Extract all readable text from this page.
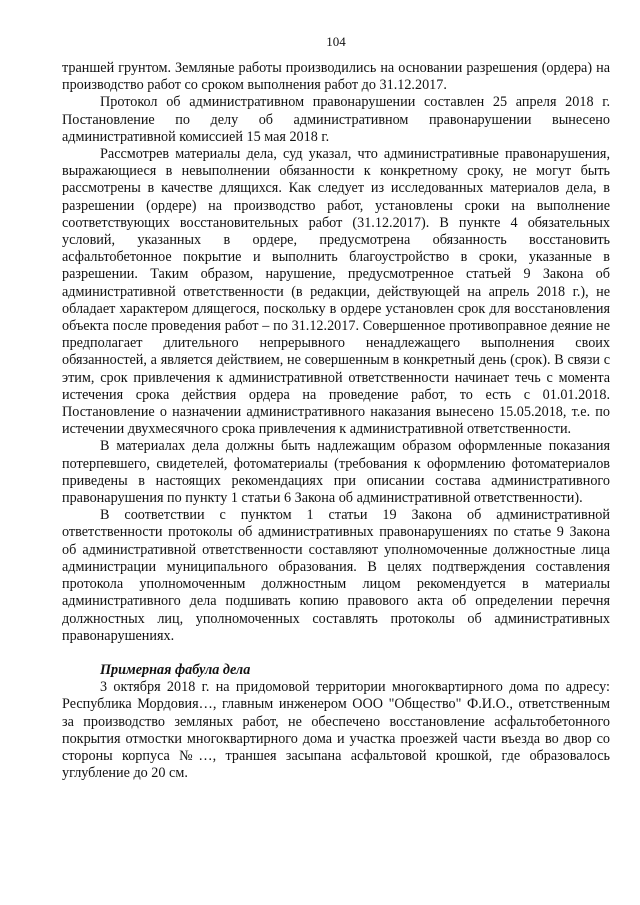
104

траншей грунтом. Земляные работы производились на основании разрешения (ордера) на производство работ со сроком выполнения работ до 31.12.2017.

Протокол об административном правонарушении составлен 25 апреля 2018 г. Постановление по делу об административном правонарушении вынесено административной комиссией 15 мая 2018 г.

Рассмотрев материалы дела, суд указал, что административные правонарушения, выражающиеся в невыполнении обязанности к конкретному сроку, не могут быть рассмотрены в качестве длящихся. Как следует из исследованных материалов дела, в разрешении (ордере) на производство работ, установлены сроки на выполнение соответствующих восстановительных работ (31.12.2017). В пункте 4 обязательных условий, указанных в ордере, предусмотрена обязанность восстановить асфальтобетонное покрытие и выполнить благоустройство в сроки, указанные в разрешении. Таким образом, нарушение, предусмотренное статьей 9 Закона об административной ответственности (в редакции, действующей на апрель 2018 г.), не обладает характером длящегося, поскольку в ордере установлен срок для восстановления объекта после проведения работ – по 31.12.2017. Совершенное противоправное деяние не предполагает длительного непрерывного ненадлежащего выполнения своих обязанностей, а является действием, не совершенным в конкретный день (срок). В связи с этим, срок привлечения к административной ответственности начинает течь с момента истечения срока действия ордера на проведение работ, то есть с 01.01.2018. Постановление о назначении административного наказания вынесено 15.05.2018, т.е. по истечении двухмесячного срока привлечения к административной ответственности.

В материалах дела должны быть надлежащим образом оформленные показания потерпевшего, свидетелей, фотоматериалы (требования к оформлению фотоматериалов приведены в настоящих рекомендациях при описании состава административного правонарушения по пункту 1 статьи 6 Закона об административной ответственности).

В соответствии с пунктом 1 статьи 19 Закона об административной ответственности протоколы об административных правонарушениях по статье 9 Закона об административной ответственности составляют уполномоченные должностные лица администрации муниципального образования. В целях подтверждения составления протокола уполномоченным должностным лицом рекомендуется в материалы административного дела подшивать копию правового акта об определении перечня должностных лиц, уполномоченных составлять протоколы об административных правонарушениях.

Примерная фабула дела

3 октября 2018 г. на придомовой территории многоквартирного дома по адресу: Республика Мордовия…, главным инженером ООО "Общество" Ф.И.О., ответственным за производство земляных работ, не обеспечено восстановление асфальтобетонного покрытия отмостки многоквартирного дома и участка проезжей части въезда во двор со стороны корпуса №…, траншея засыпана асфальтовой крошкой, где образовалось углубление до 20 см.
